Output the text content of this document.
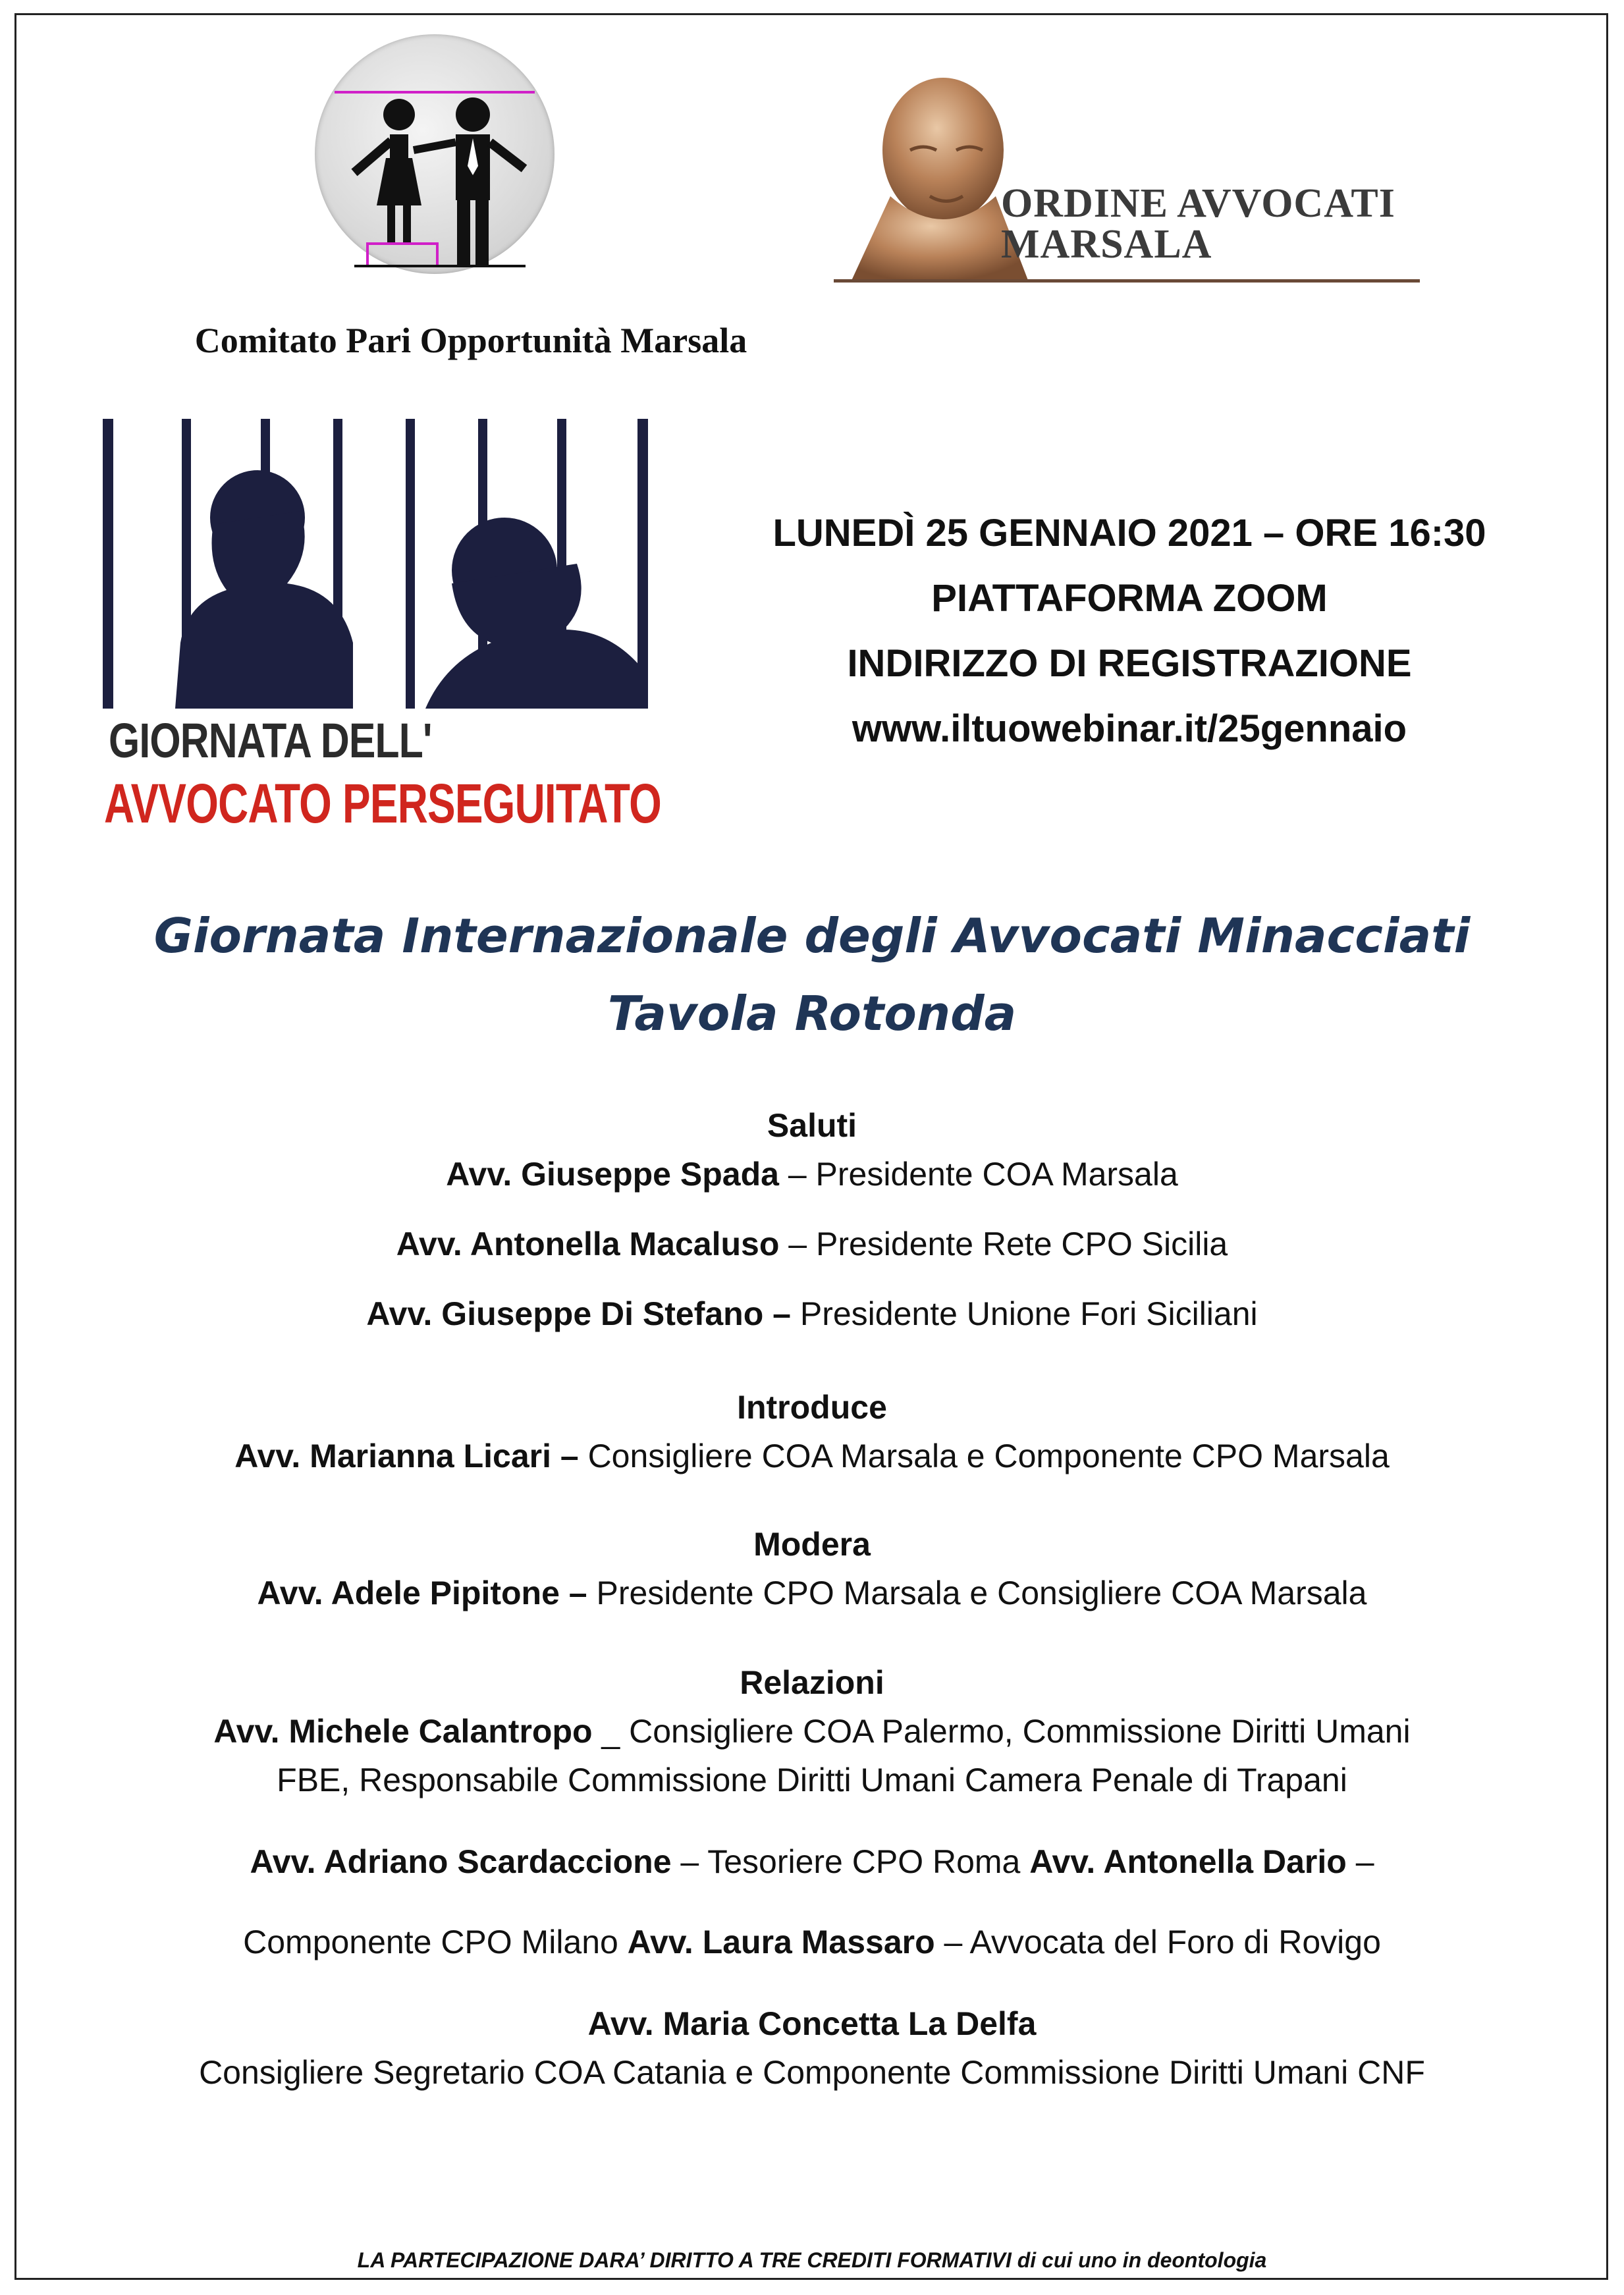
Comitato Pari Opportunità Marsala
ORDINE AVVOCATI
MARSALA
GIORNATA DELL'
AVVOCATO PERSEGUITATO
LUNEDÌ 25 GENNAIO 2021 – ORE 16:30
PIATTAFORMA ZOOM
INDIRIZZO DI REGISTRAZIONE
www.iltuowebinar.it/25gennaio
Giornata Internazionale degli Avvocati Minacciati
Tavola Rotonda
Saluti
Avv. Giuseppe Spada – Presidente COA Marsala
Avv. Antonella Macaluso – Presidente Rete CPO Sicilia
Avv. Giuseppe Di Stefano – Presidente Unione Fori Siciliani
Introduce
Avv. Marianna Licari – Consigliere COA Marsala e Componente CPO Marsala
Modera
Avv. Adele Pipitone – Presidente CPO Marsala e Consigliere COA Marsala
Relazioni
Avv. Michele Calantropo _ Consigliere COA Palermo, Commissione Diritti Umani
FBE, Responsabile Commissione Diritti Umani Camera Penale di Trapani
Avv. Adriano Scardaccione – Tesoriere CPO Roma Avv. Antonella Dario –
Componente CPO Milano Avv. Laura Massaro – Avvocata del Foro di Rovigo
Avv. Maria Concetta La Delfa
Consigliere Segretario COA Catania e Componente Commissione Diritti Umani CNF
LA PARTECIPAZIONE DARA’ DIRITTO A TRE CREDITI FORMATIVI di cui uno in deontologia
